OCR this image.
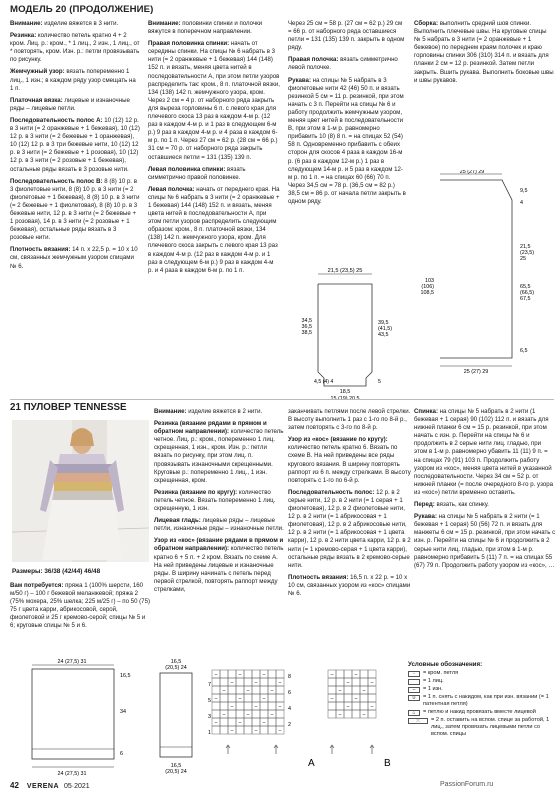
МОДЕЛЬ 20 (ПРОДОЛЖЕНИЕ)

Внимание: изделие вяжется в 3 нити.

Резинка: количество петель кратно 4 + 2 кром. Лиц. р.: кром., * 1 лиц., 2 изн., 1 лиц., от * повторять, кром. Изн. р.: петли провязывать по рисунку.

Жемчужный узор: вязать попеременно 1 лиц., 1 изн.; в каждом ряду узор смещать на 1 п.

Платочная вязка: лицевые и изнаночные ряды – лицевые петли.

Последовательность полос А: 10 (12) 12 р. в 3 нити (= 2 оранжевые + 1 бежевая), 10 (12) 12 р. в 3 нити (= 2 бежевые + 1 оранжевая), 10 (12) 12 р. в 3 три бежевые нити, 10 (12) 12 р. в 3 нити (= 2 бежевые + 1 розовая), 10 (12) 12 р. в 3 нити (= 2 розовые + 1 бежевая), остальные ряды вязать в 3 розовые нити.

Последовательность полос В: 8 (8) 10 р. в 3 фиолетовые нити, 8 (8) 10 р. в 3 нити (= 2 фиолетовые + 1 бежевая), 8 (8) 10 р. в 3 нити (= 2 бежевые + 1 фиолетовая), 8 (8) 10 р. в 3 бежевые нити, 12 р. в 3 нити (= 2 бежевые + 1 розовая), 14 р. в 3 нити (= 2 розовые + 1 бежевая), остальные ряды вязать в 3 розовые нити.

Плотность вязания: 14 п. х 22,5 р. = 10 х 10 см, связанных жемчужным узором спицами № 6.

Внимание: половинки спинки и полочки вяжутся в поперечном направлении.

Правая половинка спинки: начать от середины спинки. На спицы № 6 набрать в 3 нити (= 2 оранжевые + 1 бежевая) 144 (148) 152 п. и вязать, меняя цвета нитей в последовательности А, при этом петли узоров распределить так: кром., 8 п. платочной вязки, 134 (138) 142 п. жемчужного узора, кром. Через 2 см = 4 р. от наборного ряда закрыть для выреза горловины 6 п. с левого края для плечевого скоса 13 раз в каждом 4-м р. (12 раз в каждом 4-м р. и 1 раз в следующем 6-м р.) 9 раз в каждом 4-м р. и 4 раза в каждом 6-м р. по 1 п. Через 27 см = 62 р. (28 см = 66 р.) 31 см = 70 р. от наборного ряда закрыть оставшиеся петли = 131 (135) 139 п.

Левая половинка спинки: вязать симметрично правой половинке.

Левая полочка: начать от переднего края. На спицы № 6 набрать в 3 нити (= 2 оранжевые + 1 бежевая) 144 (148) 152 п. и вязать, меняя цвета нитей в последовательности А, при этом петли узоров распределить следующим образом: кром., 8 п. платочной вязки, 134 (138) 142 п. жемчужного узора, кром. Для плечевого скоса закрыть с левого края 13 раз в каждом 4-м р. (12 раз в каждом 4-м р. и 1 раз в следующем 6-м р.) 9 раз в каждом 4-м р. и 4 раза в каждом 6-м р. по 1 п.

Через 25 см = 58 р. (27 см = 62 р.) 29 см = 66 р. от наборного ряда оставшиеся петли = 131 (135) 139 п. закрыть в одном ряду.

Правая полочка: вязать симметрично левой полочке.

Рукава: на спицы № 5 набрать в 3 фиолетовые нити 42 (46) 50 п. и вязать резинкой 5 см = 11 р. резинкой, при этом начать с 3 п. Перейти на спицы № 6 и работу продолжить жемчужным узором, меняя цвет нитей в последовательности В, при этом в 1-м р. равномерно прибавить 10 (8) 8 п. = на спицах 52 (54) 58 п. Одновременно прибавить с обеих сторон для скосов 4 раза в каждом 16-м р. (6 раз в каждом 12-м р.) 1 раз в следующем 14-м р. и 5 раз в каждом 12-м р. по 1 п. = на спицах 60 (66) 70 п. Через 34,5 см = 78 р. (36,5 см = 82 р.) 38,5 см = 86 р. от начала петли закрыть в одном ряду.

Сборка: выполнить средний шов спинки. Выполнить плечевые швы. На круговые спицы № 5 набрать в 3 нити (= 2 оранжевые + 1 бежевое) по переднем краям полочек и краю горловины спинки 306 (310) 314 п. и вязать для планки 2 см = 12 р. резинкой. Затем петли закрыть. Вшить рукава. Выполнить боковые швы и швы рукавов.

21,5 (23,5) 25
34,5 36,5 38,5
39,5 (41,5) 43,5
4,5 (4) 4	5
18,5
15 (19) 20,5
25 (27) 29
9,5
4
21,5 (23,5) 25
65,5 (66,5) 67,5
6,5
103 (106) 108,5
25 (27) 29
21 ПУЛОВЕР TENNESSE
Размеры: 36/38 (42/44) 46/48

Вам потребуется: пряжа 1 (100% шерсти, 160 м/50 г) – 100 г бежевой меланжевой; пряжа 2 (75% мохера, 25% шелка; 225 м/25 г) – по 50 (75) 75 г цвета карри, абрикосовой, серой, фиолетовой и 25 г кремово-серой; спицы № 5 и 6; круговые спицы № 5 и 6.

Внимание: изделие вяжется в 2 нити.

Резинка (вязание рядами в прямом и обратном направлении): количество петель четное. Лиц. р.: кром., попеременно 1 лиц. скрещенная, 1 изн., кром. Изн. р.: петли вязать по рисунку, при этом лиц. п. провязывать изнаночными скрещенными. Круговые р.: попеременно 1 лиц., 1 изн. скрещенная, кром.

Резинка (вязание по кругу): количество петель четное. Вязать попеременно 1 лиц. скрещенную, 1 изн.

Лицевая гладь: лицевые ряды – лицевые петли, изнаночные ряды – изнаночные петли.

Узор из «кос» (вязание рядами в прямом и обратном направлении): количество петель кратно 6 + 5 п. + 2 кром. Вязать по схеме А. На ней приведены лицевые и изнаночные ряды. В ширину начинать с петель перед первой стрелкой, повторять раппорт между стрелками,

заканчивать петлями после левой стрелки. В высоту выполнить 1 раз с 1-го по 8-й р., затем повторять с 3-го по 8-й р.

Узор из «кос» (вязание по кругу): количество петель кратно 6. Вязать по схеме В. На ней приведены все ряды кругового вязания. В ширину повторять раппорт из 6 п. между стрелками. В высоту повторять с 1-го по 6-й р.

Последовательность полос: 12 р. в 2 серые нити, 12 р. в 2 нити (= 1 серая + 1 фиолетовая), 12 р. в 2 фиолетовые нити, 12 р. в 2 нити (= 1 абрикосовая + 1 фиолетовая), 12 р. в 2 абрикосовые нити, 12 р. в 2 нити (= 1 абрикосовая + 1 цвета карри), 12 р. в 2 нити цвета карри, 12 р. в 2 нити (= 1 кремово-серая + 1 цвета карри), остальные ряды вязать в 2 кремово-серые нити.

Плотность вязания: 16,5 п. х 22 р. = 10 х 10 см, связанных узором из «кос» спицами № 6.

Спинка: на спицы № 5 набрать в 2 нити (1 бежевая + 1 серая) 90 (102) 112 п. и вязать для нижней планки 6 см = 15 р. резинкой, при этом начать с изн. р. Перейти на спицы № 6 и продолжить в 2 серые нити лиц. гладью, при этом в 1-м р. равномерно убавить 11 (11) 9 п. = на спицах 79 (91) 103 п. Продолжить работу узором из «кос», меняя цвета нитей в указанной последовательности. Через 34 см = 52 р. от нижней планки (= после очередного 8-го р. узора из «кос») петли временно оставить.

Перед: вязать, как спинку.

Рукава: на спицы № 5 набрать в 2 нити (= 1 бежевая + 1 серая) 50 (56) 72 п. и вязать для манжеты 6 см = 15 р. резинкой, при этом начать с изн. р. Перейти на спицы № 6 и продолжить в 2 серые нити лиц. гладью, при этом в 1-м р. равномерно прибавить 5 (11) 7 п. = на спицах 55 (67) 79 п. Продолжить работу узором из «кос», …

24 (27,5) 31
16,5
34
6
24 (27,5) 31
16,5 (20,5) 24
16,5 (20,5) 24
–	–	–
–	–	–
–	–	–
–	–	–
–	–	–
–	–	–
–	–	–
–	–	–
–	–
–	–
–	–
–	–
–	–
–	–
A	B
8
6
4
2
7
5
3
1
Условные обозначения:
◦	= кром. петля
= 1 лиц.
–	= 1 изн.
∪	= 1 п. снять с накидом, как при изн. вязании (= 1 патентная петля)
⌂	= петлю и накид провязать вместе лицевой
⤫	= 2 п. оставить на вспом. спице за работой, 1 лиц., затем провязать лицевыми петли со вспом. спицы
42 VERENA 05·2021	PassionForum.ru
